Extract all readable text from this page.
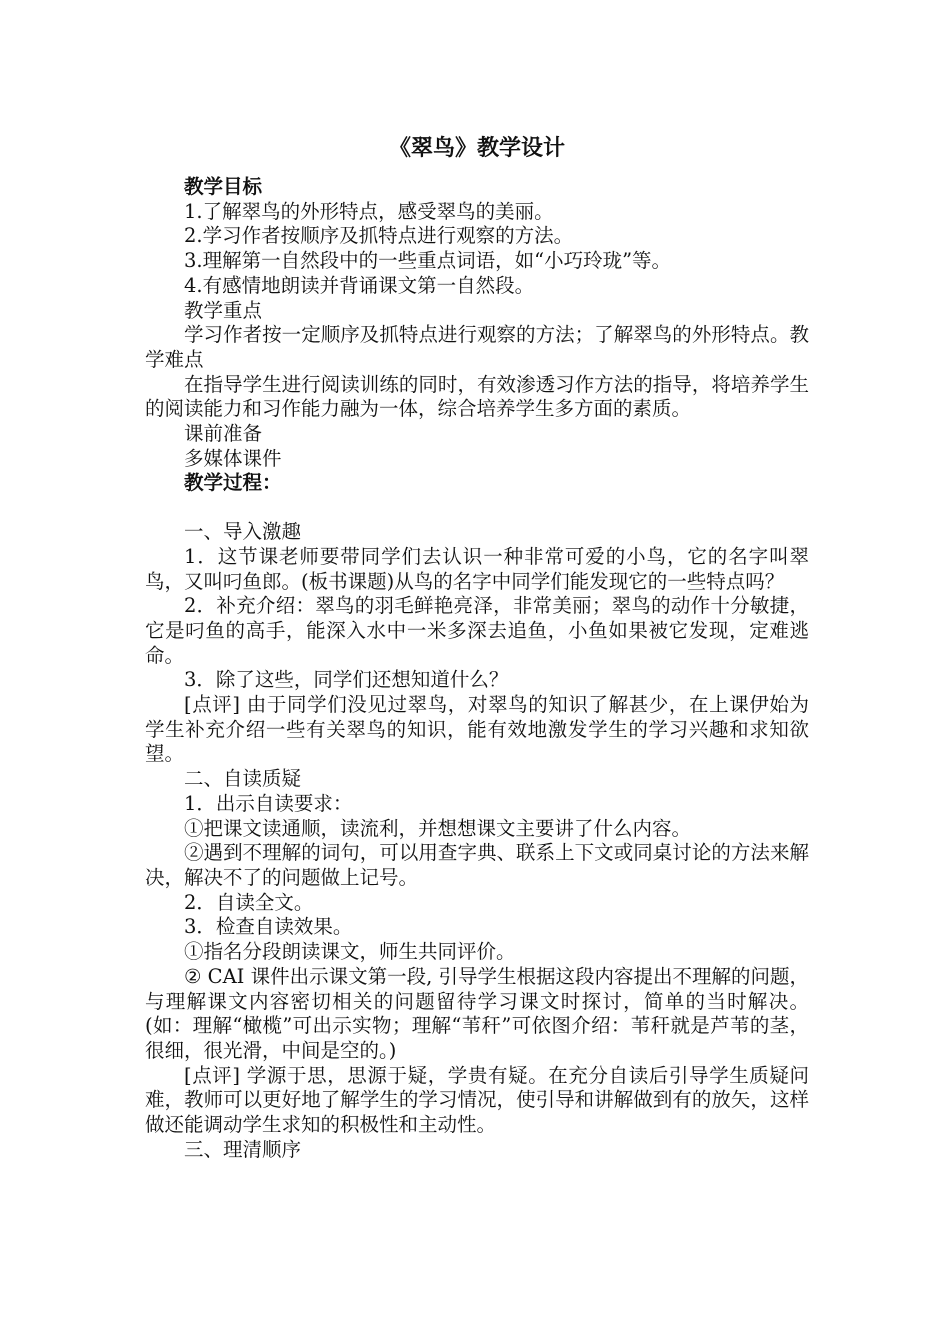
《翠鸟》教学设计

教学目标

1.了解翠鸟的外形特点，感受翠鸟的美丽。

2.学习作者按顺序及抓特点进行观察的方法。

3.理解第一自然段中的一些重点词语，如“小巧玲珑”等。

4.有感情地朗读并背诵课文第一自然段。

教学重点

学习作者按一定顺序及抓特点进行观察的方法；了解翠鸟的外形特点。教学难点

在指导学生进行阅读训练的同时，有效渗透习作方法的指导，将培养学生的阅读能力和习作能力融为一体，综合培养学生多方面的素质。

课前准备

多媒体课件

教学过程：

一、导入激趣

1．这节课老师要带同学们去认识一种非常可爱的小鸟，它的名字叫翠鸟，又叫叼鱼郎。(板书课题)从鸟的名字中同学们能发现它的一些特点吗？

2．补充介绍：翠鸟的羽毛鲜艳亮泽，非常美丽；翠鸟的动作十分敏捷，它是叼鱼的高手，能深入水中一米多深去追鱼，小鱼如果被它发现，定难逃命。

3．除了这些，同学们还想知道什么？

[点评] 由于同学们没见过翠鸟，对翠鸟的知识了解甚少，在上课伊始为学生补充介绍一些有关翠鸟的知识，能有效地激发学生的学习兴趣和求知欲望。

二、自读质疑

1．出示自读要求：

①把课文读通顺，读流利，并想想课文主要讲了什么内容。

②遇到不理解的词句，可以用查字典、联系上下文或同桌讨论的方法来解决，解决不了的问题做上记号。

2．自读全文。

3．检查自读效果。

①指名分段朗读课文，师生共同评价。

② CAI 课件出示课文第一段, 引导学生根据这段内容提出不理解的问题，与理解课文内容密切相关的问题留待学习课文时探讨，简单的当时解决。(如：理解“橄榄”可出示实物；理解“苇秆”可依图介绍：苇秆就是芦苇的茎，很细，很光滑，中间是空的。)

[点评] 学源于思，思源于疑，学贵有疑。在充分自读后引导学生质疑问难，教师可以更好地了解学生的学习情况，使引导和讲解做到有的放矢，这样做还能调动学生求知的积极性和主动性。

三、理清顺序
